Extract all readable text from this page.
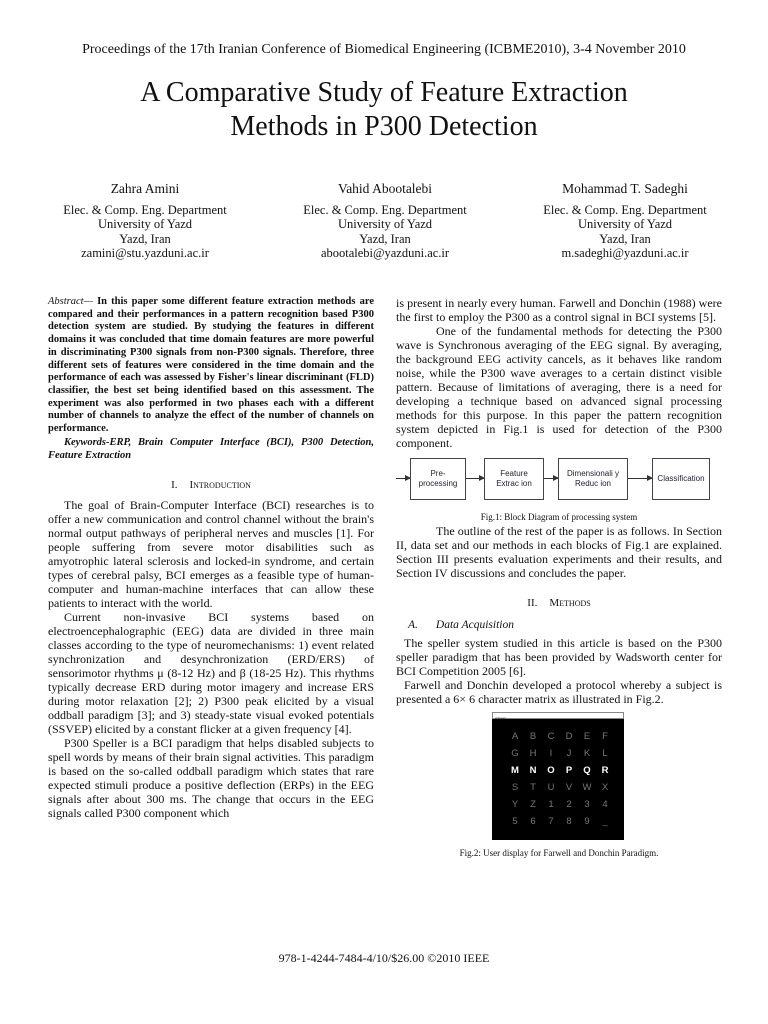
Proceedings of the 17th Iranian Conference of Biomedical Engineering (ICBME2010), 3-4 November 2010
A Comparative Study of Feature Extraction
Methods in P300 Detection
Zahra Amini
Elec. & Comp. Eng. Department
University of Yazd
Yazd, Iran
zamini@stu.yazduni.ac.ir
Vahid Abootalebi
Elec. & Comp. Eng. Department
University of Yazd
Yazd, Iran
abootalebi@yazduni.ac.ir
Mohammad T. Sadeghi
Elec. & Comp. Eng. Department
University of Yazd
Yazd, Iran
m.sadeghi@yazduni.ac.ir

Abstract— In this paper some different feature extraction methods are compared and their performances in a pattern recognition based P300 detection system are studied. By studying the features in different domains it was concluded that time domain features are more powerful in discriminating P300 signals from non-P300 signals. Therefore, three different sets of features were considered in the time domain and the performance of each was assessed by Fisher's linear discriminant (FLD) classifier, the best set being identified based on this assessment. The experiment was also performed in two phases each with a different number of channels to analyze the effect of the number of channels on performance.

Keywords-ERP, Brain Computer Interface (BCI), P300 Detection, Feature Extraction

I. Introduction

The goal of Brain-Computer Interface (BCI) researches is to offer a new communication and control channel without the brain's normal output pathways of peripheral nerves and muscles [1]. For people suffering from severe motor disabilities such as amyotrophic lateral sclerosis and locked-in syndrome, and certain types of cerebral palsy, BCI emerges as a feasible type of human-computer and human-machine interfaces that can allow these patients to interact with the world.

Current non-invasive BCI systems based on electroencephalographic (EEG) data are divided in three main classes according to the type of neuromechanisms: 1) event related synchronization and desynchronization (ERD/ERS) of sensorimotor rhythms μ (8-12 Hz) and β (18-25 Hz). This rhythms typically decrease ERD during motor imagery and increase ERS during motor relaxation [2]; 2) P300 peak elicited by a visual oddball paradigm [3]; and 3) steady-state visual evoked potentials (SSVEP) elicited by a constant flicker at a given frequency [4].

P300 Speller is a BCI paradigm that helps disabled subjects to spell words by means of their brain signal activities. This paradigm is based on the so-called oddball paradigm which states that rare expected stimuli produce a positive deflection (ERPs) in the EEG signals after about 300 ms. The change that occurs in the EEG signals called P300 component which

is present in nearly every human. Farwell and Donchin (1988) were the first to employ the P300 as a control signal in BCI systems [5].

One of the fundamental methods for detecting the P300 wave is Synchronous averaging of the EEG signal. By averaging, the background EEG activity cancels, as it behaves like random noise, while the P300 wave averages to a certain distinct visible pattern. Because of limitations of averaging, there is a need for developing a technique based on advanced signal processing methods for this purpose. In this paper the pattern recognition system depicted in Fig.1 is used for detection of the P300 component.

Pre-
processing
Feature
Extrac ion
Dimensionali y
Reduc ion
Classification

Fig.1: Block Diagram of processing system

The outline of the rest of the paper is as follows. In Section II, data set and our methods in each blocks of Fig.1 are explained. Section III presents evaluation experiments and their results, and Section IV discussions and concludes the paper.

II. Methods
A. Data Acquisition

The speller system studied in this article is based on the P300 speller paradigm that has been provided by Wadsworth center for BCI Competition 2005 [6].

Farwell and Donchin developed a protocol whereby a subject is presented a 6× 6 character matrix as illustrated in Fig.2.

SEND
A	B	C	D	E	F
G	H	I	J	K	L
M	N	O	P	Q	R
S	T	U	V	W	X
Y	Z	1	2	3	4
5	6	7	8	9	_

Fig.2: User display for Farwell and Donchin Paradigm.

978-1-4244-7484-4/10/$26.00 ©2010 IEEE
